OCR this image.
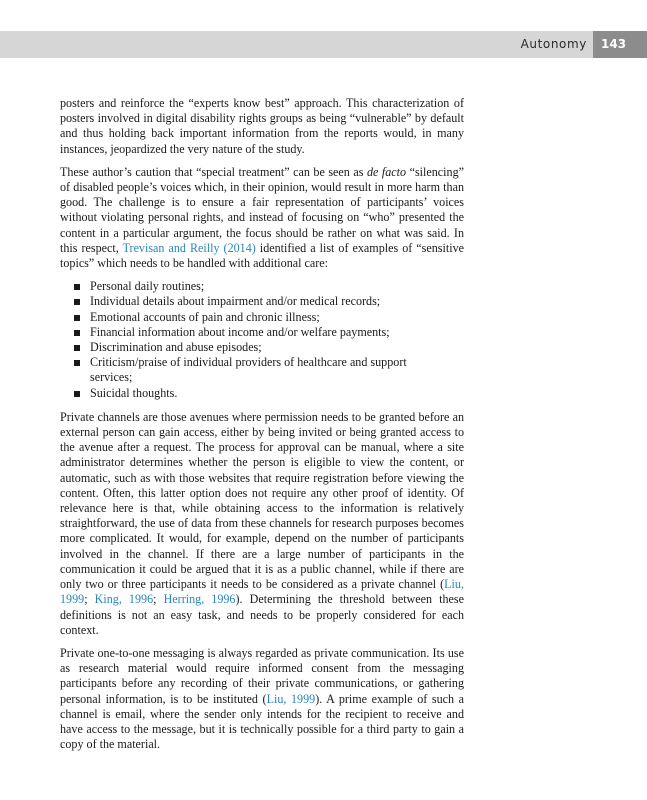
Autonomy	143

posters and reinforce the “experts know best” approach. This characterization of posters involved in digital disability rights groups as being “vulnerable” by default and thus holding back important information from the reports would, in many instances, jeopardized the very nature of the study.

These author’s caution that “special treatment” can be seen as de facto “silencing” of disabled people’s voices which, in their opinion, would result in more harm than good. The challenge is to ensure a fair representation of participants’ voices without violating personal rights, and instead of focusing on “who” presented the content in a particular argument, the focus should be rather on what was said. In this respect, Trevisan and Reilly (2014) identified a list of examples of “sensitive topics” which needs to be handled with additional care:

Personal daily routines;
Individual details about impairment and/or medical records;
Emotional accounts of pain and chronic illness;
Financial information about income and/or welfare payments;
Discrimination and abuse episodes;
Criticism/praise of individual providers of healthcare and support services;
Suicidal thoughts.

Private channels are those avenues where permission needs to be granted before an external person can gain access, either by being invited or being granted access to the avenue after a request. The process for approval can be manual, where a site administrator determines whether the person is eligible to view the content, or automatic, such as with those websites that require registration before viewing the content. Often, this latter option does not require any other proof of identity. Of relevance here is that, while obtaining access to the information is relatively straightforward, the use of data from these channels for research purposes becomes more complicated. It would, for example, depend on the number of participants involved in the channel. If there are a large number of participants in the communication it could be argued that it is as a public channel, while if there are only two or three participants it needs to be considered as a private channel (Liu, 1999; King, 1996; Herring, 1996). Determining the threshold between these definitions is not an easy task, and needs to be properly considered for each context.

Private one-to-one messaging is always regarded as private communication. Its use as research material would require informed consent from the messaging participants before any recording of their private communications, or gathering personal information, is to be instituted (Liu, 1999). A prime example of such a channel is email, where the sender only intends for the recipient to receive and have access to the message, but it is technically possible for a third party to gain a copy of the material.
